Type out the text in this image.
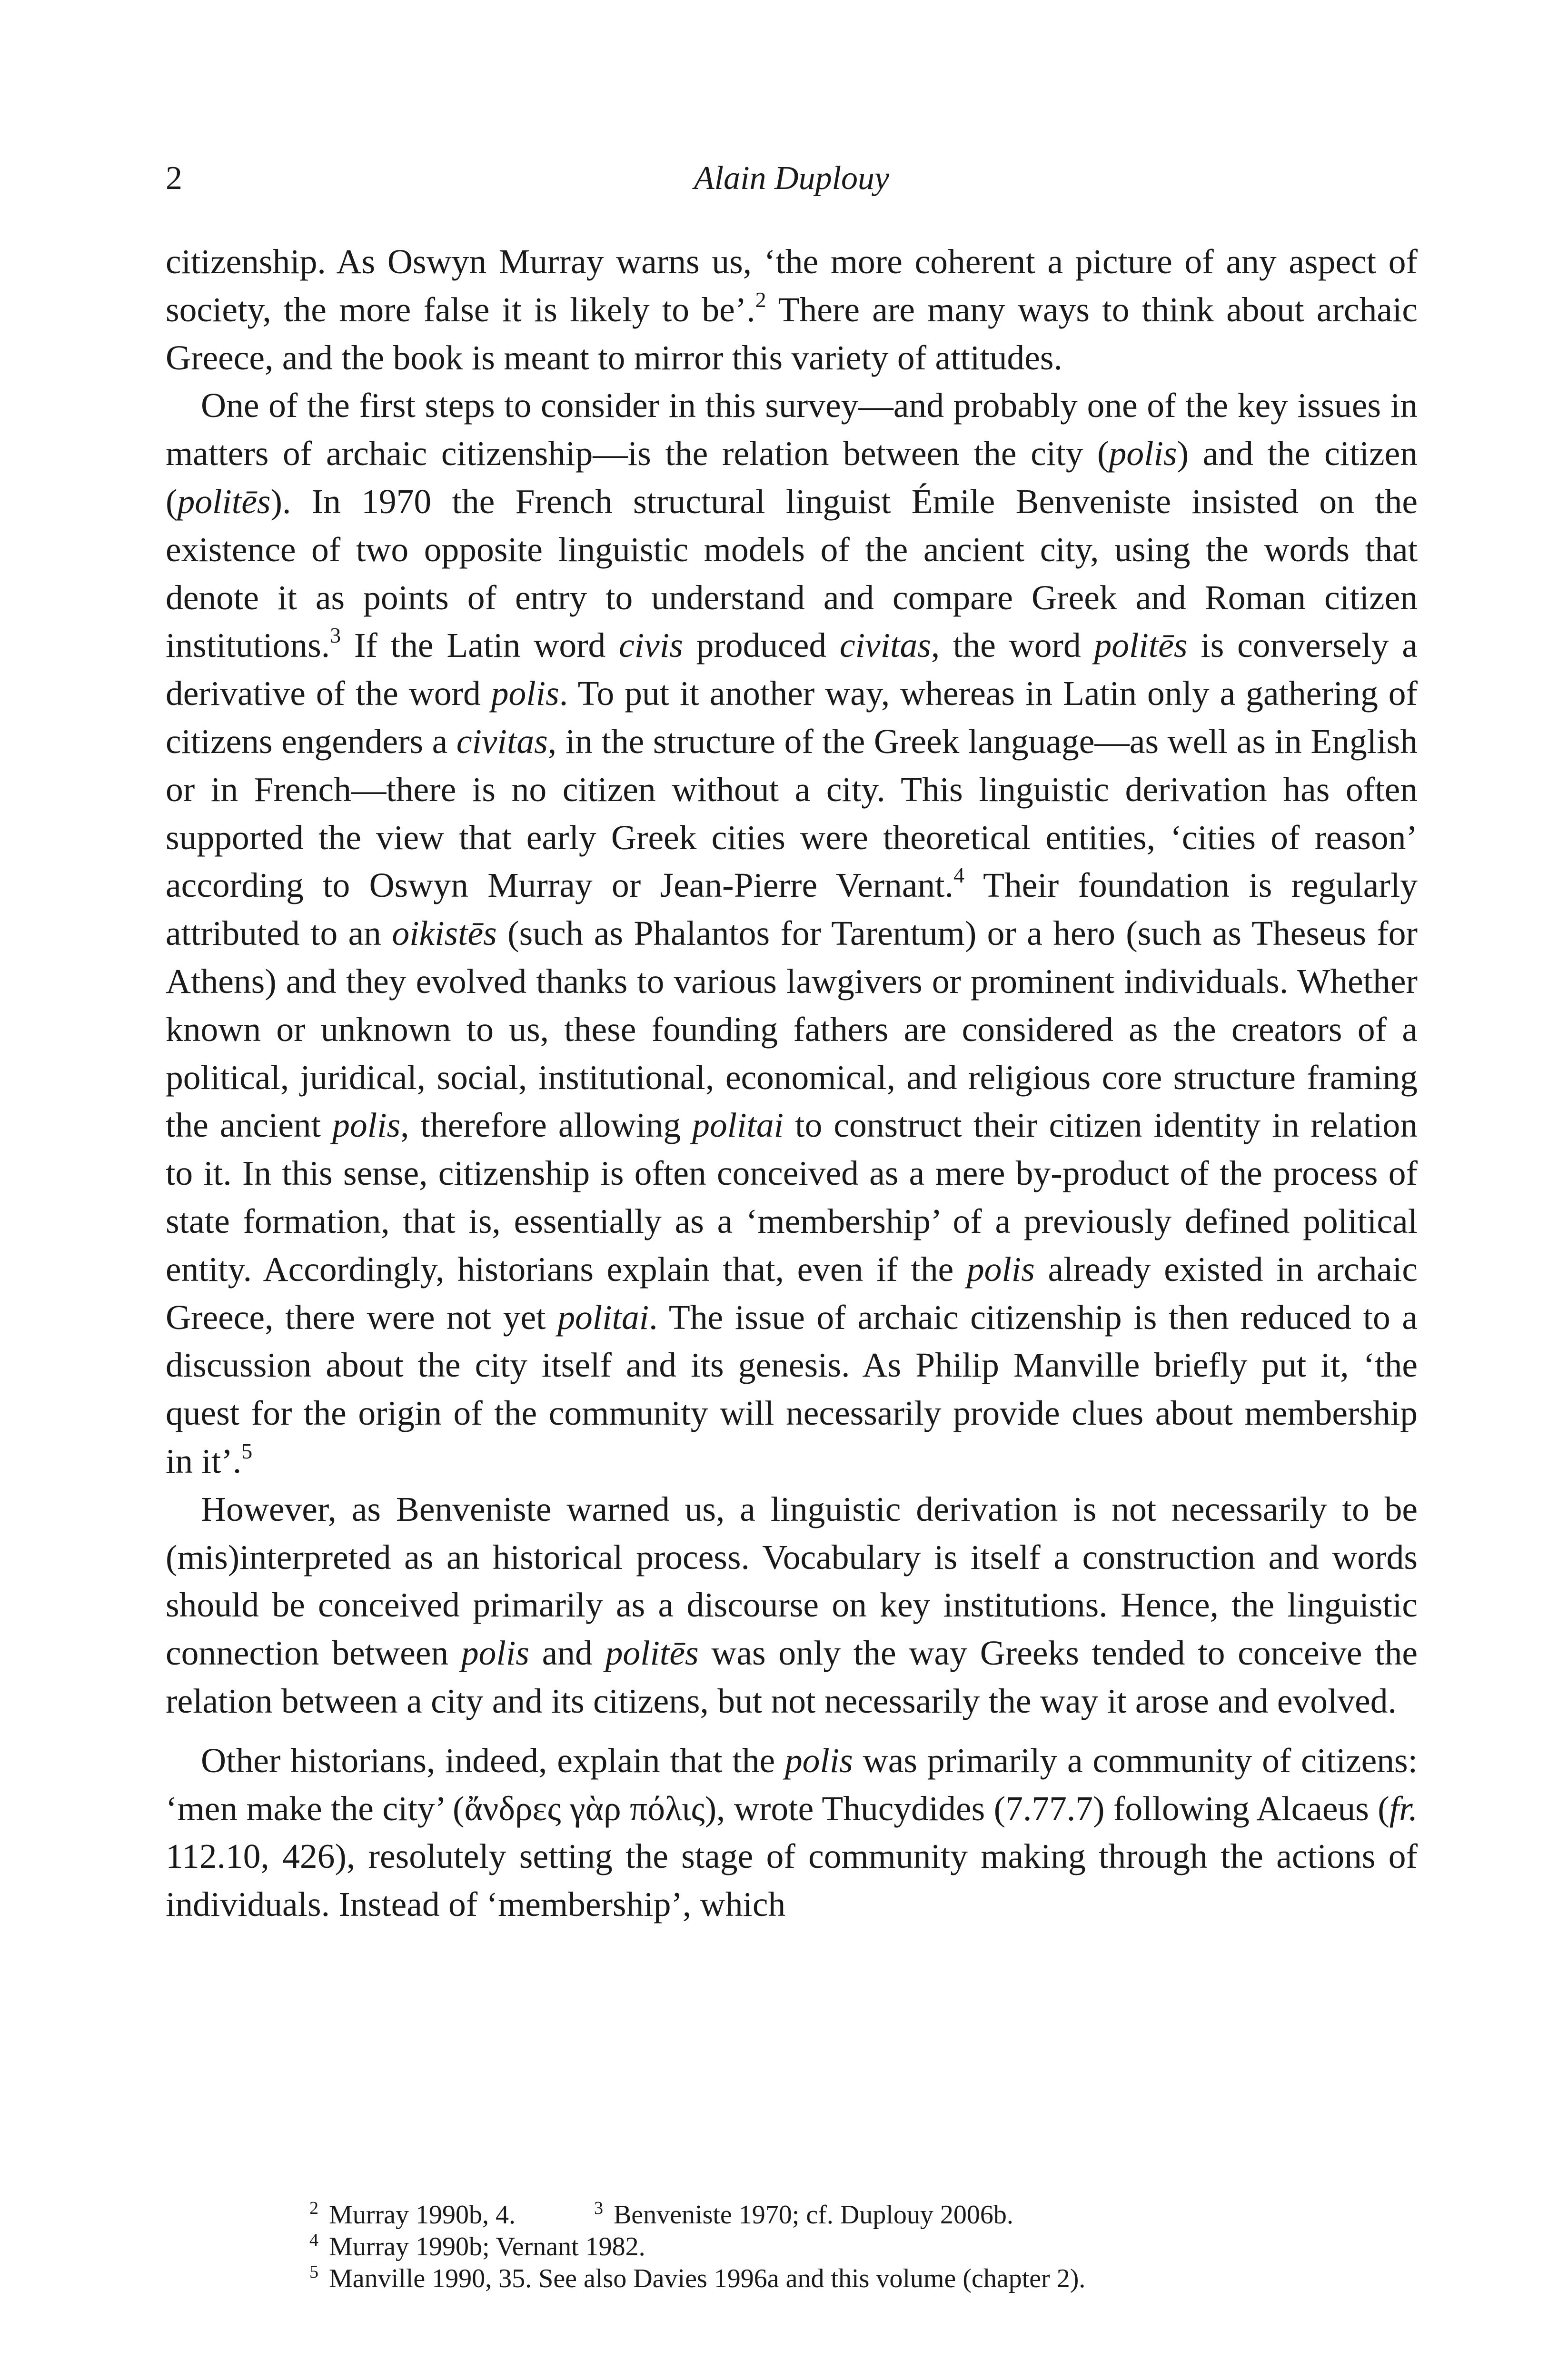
2	Alain Duplouy

citizenship. As Oswyn Murray warns us, ‘the more coherent a picture of any aspect of society, the more false it is likely to be’.$^2$ There are many ways to think about archaic Greece, and the book is meant to mirror this variety of attitudes.

One of the first steps to consider in this survey—and probably one of the key issues in matters of archaic citizenship—is the relation between the city (polis) and the citizen (politēs). In 1970 the French structural linguist Émile Benveniste insisted on the existence of two opposite linguistic models of the ancient city, using the words that denote it as points of entry to understand and compare Greek and Roman citizen institutions.$^3$ If the Latin word civis produced civitas, the word politēs is conversely a derivative of the word polis. To put it another way, whereas in Latin only a gathering of citizens engenders a civitas, in the structure of the Greek language—as well as in English or in French—there is no citizen without a city. This linguistic derivation has often supported the view that early Greek cities were theoretical entities, ‘cities of reason’ according to Oswyn Murray or Jean-Pierre Vernant.$^4$ Their foundation is regularly attributed to an oikistēs (such as Phalantos for Tarentum) or a hero (such as Theseus for Athens) and they evolved thanks to various lawgivers or prominent individuals. Whether known or unknown to us, these founding fathers are considered as the creators of a political, juridical, social, institutional, economical, and religious core structure framing the ancient polis, therefore allowing politai to construct their citizen identity in relation to it. In this sense, citizenship is often conceived as a mere by-product of the process of state formation, that is, essentially as a ‘membership’ of a previously defined political entity. Accordingly, historians explain that, even if the polis already existed in archaic Greece, there were not yet politai. The issue of archaic citizenship is then reduced to a discussion about the city itself and its genesis. As Philip Manville briefly put it, ‘the quest for the origin of the community will necessarily provide clues about membership in it’.$^5$

However, as Benveniste warned us, a linguistic derivation is not necessarily to be (mis)interpreted as an historical process. Vocabulary is itself a construction and words should be conceived primarily as a discourse on key institutions. Hence, the linguistic connection between polis and politēs was only the way Greeks tended to conceive the relation between a city and its citizens, but not necessarily the way it arose and evolved.

Other historians, indeed, explain that the polis was primarily a community of citizens: ‘men make the city’ (ἄνδρες γὰρ πόλις), wrote Thucydides (7.77.7) following Alcaeus (fr. 112.10, 426), resolutely setting the stage of community making through the actions of individuals. Instead of ‘membership’, which

$^2$ Murray 1990b, 4.	$^3$ Benveniste 1970; cf. Duplouy 2006b.
$^4$ Murray 1990b; Vernant 1982.
$^5$ Manville 1990, 35. See also Davies 1996a and this volume (chapter 2).
